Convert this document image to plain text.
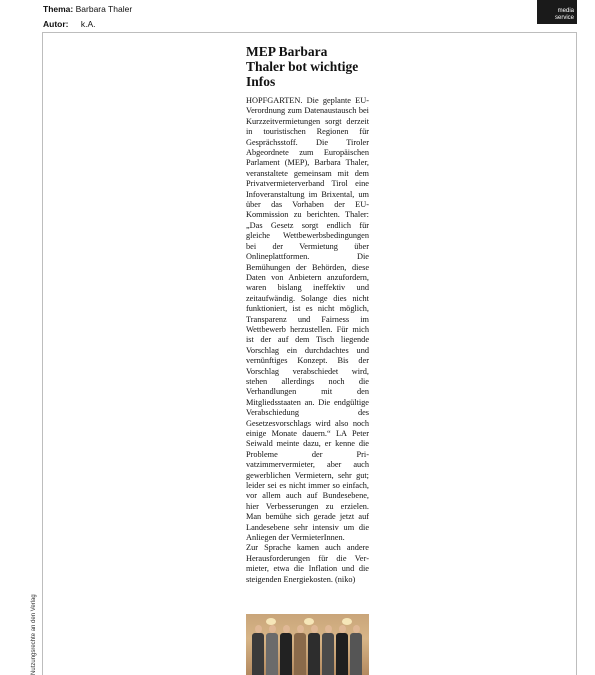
Thema: Barbara Thaler
Autor: k.A.
media
service
Nutzungsrechte an den Verlag
MEP Barbara Thaler bot wichtige Infos

HOPFGARTEN. Die geplante EU-Verordnung zum Datenaustausch bei Kurzzeitvermietungen sorgt derzeit in touristischen Regionen für Gesprächsstoff. Die Tiroler Abgeordnete zum Europäischen Parlament (MEP), Barbara Thaler, veranstaltete gemeinsam mit dem Privatvermieterverband Tirol eine Infoveranstaltung im Brixental, um über das Vorhaben der EU-Kommission zu berichten. Thaler: „Das Gesetz sorgt endlich für gleiche Wettbewerbsbedingungen bei der Vermietung über Onlineplattformen. Die Bemühungen der Behörden, diese Daten von Anbietern anzufordern, waren bislang ineffektiv und zeitaufwändig. Solange dies nicht funktioniert, ist es nicht möglich, Transparenz und Fairness im Wettbewerb herzustellen. Für mich ist der auf dem Tisch liegende Vorschlag ein durchdachtes und vernünftiges Konzept. Bis der Vorschlag verabschiedet wird, stehen allerdings noch die Verhandlungen mit den Mitgliedsstaaten an. Die endgültige Verabschiedung des Gesetzesvorschlags wird also noch einige Monate dauern.“ LA Peter Seiwald meinte dazu, er kenne die Probleme der Privatzimmervermieter, aber auch gewerblichen Vermietern, sehr gut; leider sei es nicht immer so einfach, vor allem auch auf Bundesebene, hier Verbesserungen zu erzielen. Man bemühe sich gerade jetzt auf Landesebene sehr intensiv um die Anliegen der VermieterInnen.

Zur Sprache kamen auch andere Herausforderungen für die Vermieter, etwa die Inflation und die steigenden Energiekosten. (niko)
